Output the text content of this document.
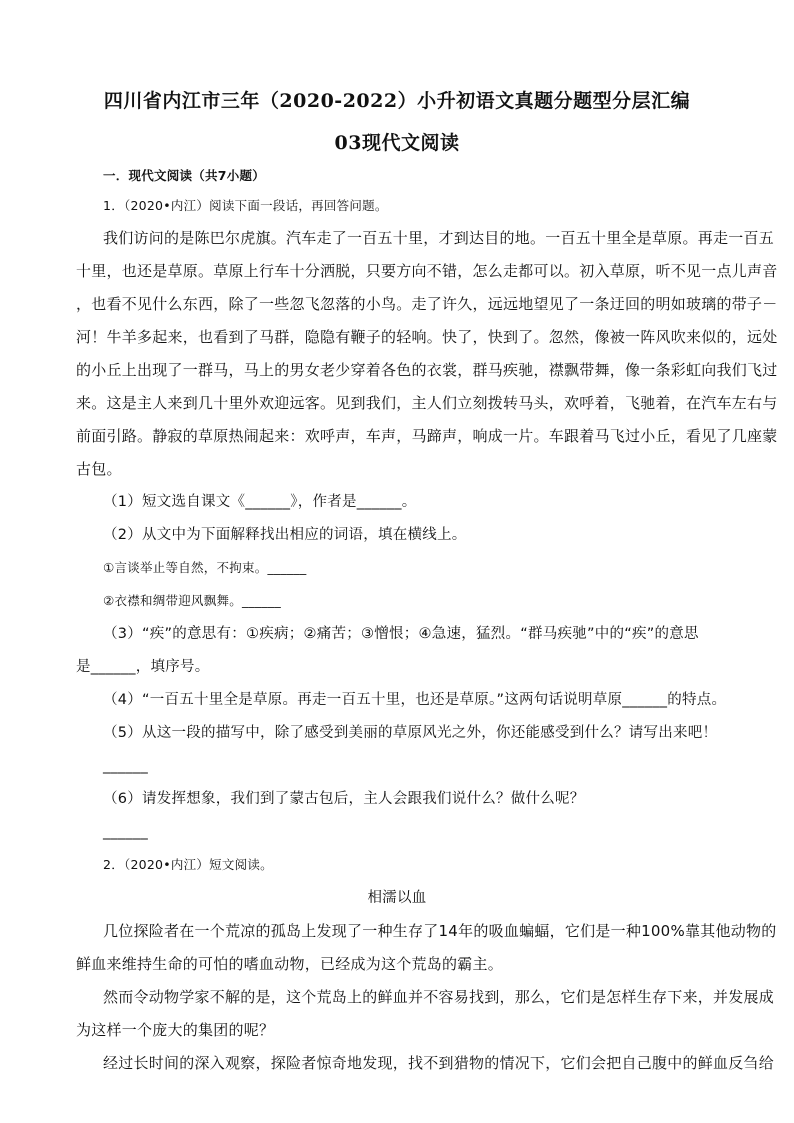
四川省内江市三年（2020-2022）小升初语文真题分题型分层汇编
03现代文阅读
一．现代文阅读（共7小题）
1．（2020•内江）阅读下面一段话，再回答问题。
我们访问的是陈巴尔虎旗。汽车走了一百五十里，才到达目的地。一百五十里全是草原。再走一百五
十里，也还是草原。草原上行车十分洒脱，只要方向不错，怎么走都可以。初入草原，听不见一点儿声音
，也看不见什么东西，除了一些忽飞忽落的小鸟。走了许久，远远地望见了一条迂回的明如玻璃的带子－
河！牛羊多起来，也看到了马群，隐隐有鞭子的轻响。快了，快到了。忽然，像被一阵风吹来似的，远处
的小丘上出现了一群马，马上的男女老少穿着各色的衣裳，群马疾驰，襟飘带舞，像一条彩虹向我们飞过
来。这是主人来到几十里外欢迎远客。见到我们，主人们立刻拨转马头，欢呼着，飞驰着，在汽车左右与
前面引路。静寂的草原热闹起来：欢呼声，车声，马蹄声，响成一片。车跟着马飞过小丘，看见了几座蒙
古包。
（1）短文选自课文《______》，作者是______。
（2）从文中为下面解释找出相应的词语，填在横线上。
①言谈举止等自然，不拘束。______
②衣襟和绸带迎风飘舞。______
（3）“疾”的意思有：①疾病；②痛苦；③憎恨；④急速，猛烈。“群马疾驰”中的“疾”的意思
是______，填序号。
（4）“一百五十里全是草原。再走一百五十里，也还是草原。”这两句话说明草原______的特点。
（5）从这一段的描写中，除了感受到美丽的草原风光之外，你还能感受到什么？请写出来吧！
______
（6）请发挥想象，我们到了蒙古包后，主人会跟我们说什么？做什么呢？
______
2．（2020•内江）短文阅读。
相濡以血
几位探险者在一个荒凉的孤岛上发现了一种生存了14年的吸血蝙蝠，它们是一种100%靠其他动物的
鲜血来维持生命的可怕的嗜血动物，已经成为这个荒岛的霸主。
然而令动物学家不解的是，这个荒岛上的鲜血并不容易找到，那么，它们是怎样生存下来，并发展成
为这样一个庞大的集团的呢？
经过长时间的深入观察，探险者惊奇地发现，找不到猎物的情况下，它们会把自己腹中的鲜血反刍给
